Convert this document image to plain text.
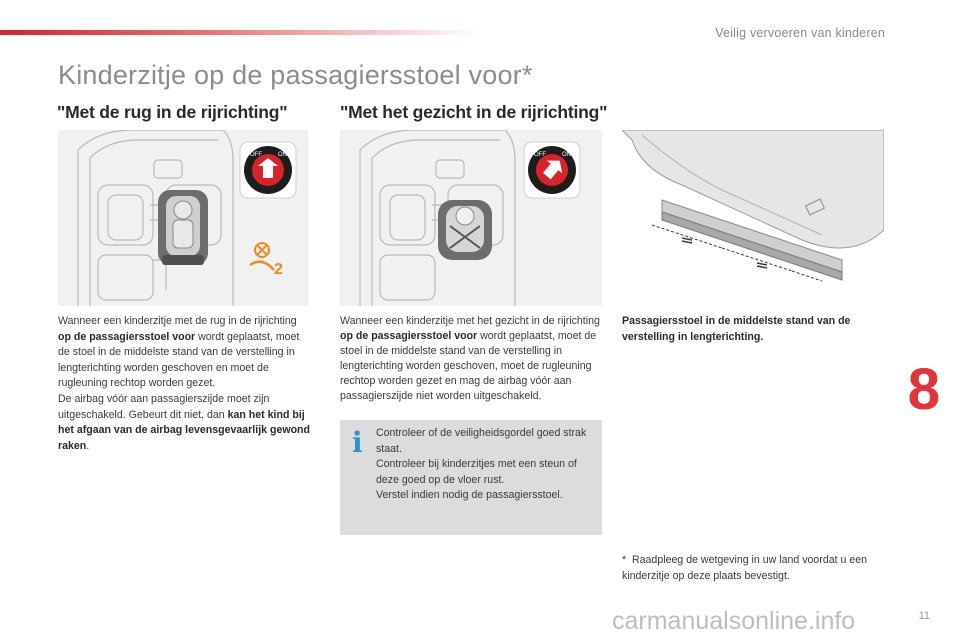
Veilig vervoeren van kinderen
Kinderzitje op de passagiersstoel voor*
"Met de rug in de rijrichting"	"Met het gezicht in de rijrichting"
OFF	ON
2
OFF	ON
Wanneer een kinderzitje met de rug in de rijrichting op de passagiersstoel voor wordt geplaatst, moet de stoel in de middelste stand van de verstelling in lengterichting worden geschoven en moet de rugleuning rechtop worden gezet.
De airbag vóór aan passagierszijde moet zijn uitgeschakeld. Gebeurt dit niet, dan kan het kind bij het afgaan van de airbag levensgevaarlijk gewond raken.
Wanneer een kinderzitje met het gezicht in de rijrichting op de passagiersstoel voor wordt geplaatst, moet de stoel in de middelste stand van de verstelling in lengterichting worden geschoven, moet de rugleuning rechtop worden gezet en mag de airbag vóór aan passagierszijde niet worden uitgeschakeld.
i Controleer of de veiligheidsgordel goed strak staat.

Controleer bij kinderzitjes met een steun of deze goed op de vloer rust.

Verstel indien nodig de passagiersstoel.

Passagiersstoel in de middelste stand van de verstelling in lengterichting.
* Raadpleeg de wetgeving in uw land voordat u een kinderzitje op deze plaats bevestigt.
8
carmanualsonline.info	11
